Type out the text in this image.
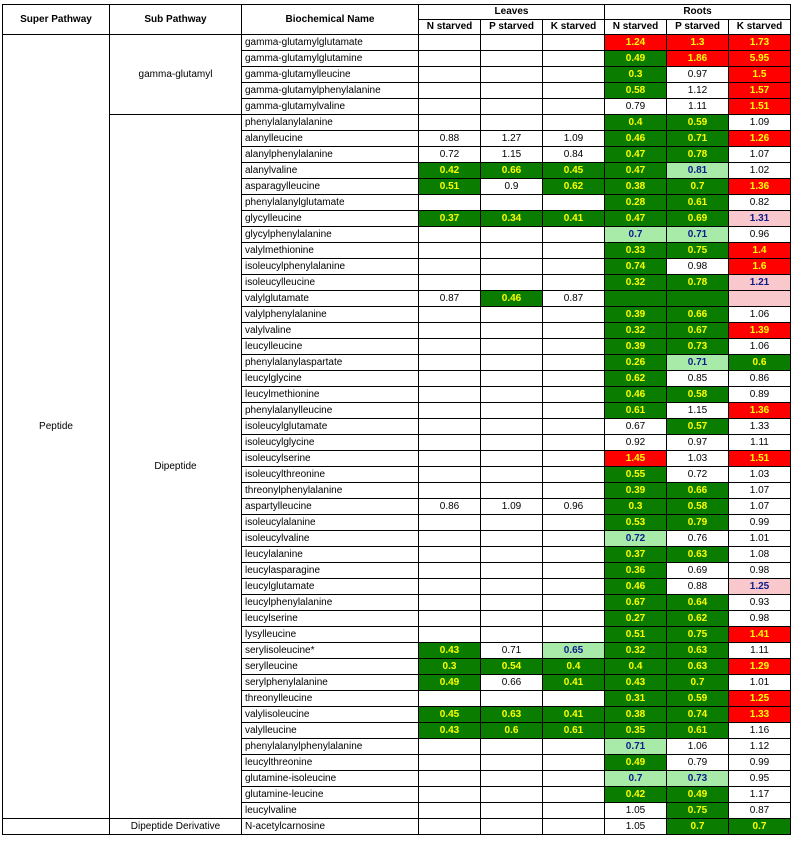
Super Pathway	Sub Pathway	Biochemical Name	Leaves			Roots		
			N starved	P starved	K starved	N starved	P starved	K starved
Peptide	gamma-glutamyl	gamma-glutamylglutamate				1.24	1.3	1.73
		gamma-glutamylglutamine				0.49	1.86	5.95
		gamma-glutamylleucine				0.3	0.97	1.5
		gamma-glutamylphenylalanine				0.58	1.12	1.57
		gamma-glutamylvaline				0.79	1.11	1.51
	Dipeptide	phenylalanylalanine				0.4	0.59	1.09
		alanylleucine	0.88	1.27	1.09	0.46	0.71	1.26
		alanylphenylalanine	0.72	1.15	0.84	0.47	0.78	1.07
		alanylvaline	0.42	0.66	0.45	0.47	0.81	1.02
		asparagylleucine	0.51	0.9	0.62	0.38	0.7	1.36
		phenylalanylglutamate				0.28	0.61	0.82
		glycylleucine	0.37	0.34	0.41	0.47	0.69	1.31
		glycylphenylalanine				0.7	0.71	0.96
		valylmethionine				0.33	0.75	1.4
		isoleucylphenylalanine				0.74	0.98	1.6
		isoleucylleucine				0.32	0.78	1.21
		valylglutamate	0.87	0.46	0.87			
		valylphenylalanine				0.39	0.66	1.06
		valylvaline				0.32	0.67	1.39
		leucylleucine				0.39	0.73	1.06
		phenylalanylaspartate				0.26	0.71	0.6
		leucylglycine				0.62	0.85	0.86
		leucylmethionine				0.46	0.58	0.89
		phenylalanylleucine				0.61	1.15	1.36
		isoleucylglutamate				0.67	0.57	1.33
		isoleucylglycine				0.92	0.97	1.11
		isoleucylserine				1.45	1.03	1.51
		isoleucylthreonine				0.55	0.72	1.03
		threonylphenylalanine				0.39	0.66	1.07
		aspartylleucine	0.86	1.09	0.96	0.3	0.58	1.07
		isoleucylalanine				0.53	0.79	0.99
		isoleucylvaline				0.72	0.76	1.01
		leucylalanine				0.37	0.63	1.08
		leucylasparagine				0.36	0.69	0.98
		leucylglutamate				0.46	0.88	1.25
		leucylphenylalanine				0.67	0.64	0.93
		leucylserine				0.27	0.62	0.98
		lysylleucine				0.51	0.75	1.41
		serylisoleucine*	0.43	0.71	0.65	0.32	0.63	1.11
		serylleucine	0.3	0.54	0.4	0.4	0.63	1.29
		serylphenylalanine	0.49	0.66	0.41	0.43	0.7	1.01
		threonylleucine				0.31	0.59	1.25
		valylisoleucine	0.45	0.63	0.41	0.38	0.74	1.33
		valylleucine	0.43	0.6	0.61	0.35	0.61	1.16
		phenylalanylphenylalanine				0.71	1.06	1.12
		leucylthreonine				0.49	0.79	0.99
		glutamine-isoleucine				0.7	0.73	0.95
		glutamine-leucine				0.42	0.49	1.17
		leucylvaline				1.05	0.75	0.87
	Dipeptide Derivative	N-acetylcarnosine				1.05	0.7	0.7
